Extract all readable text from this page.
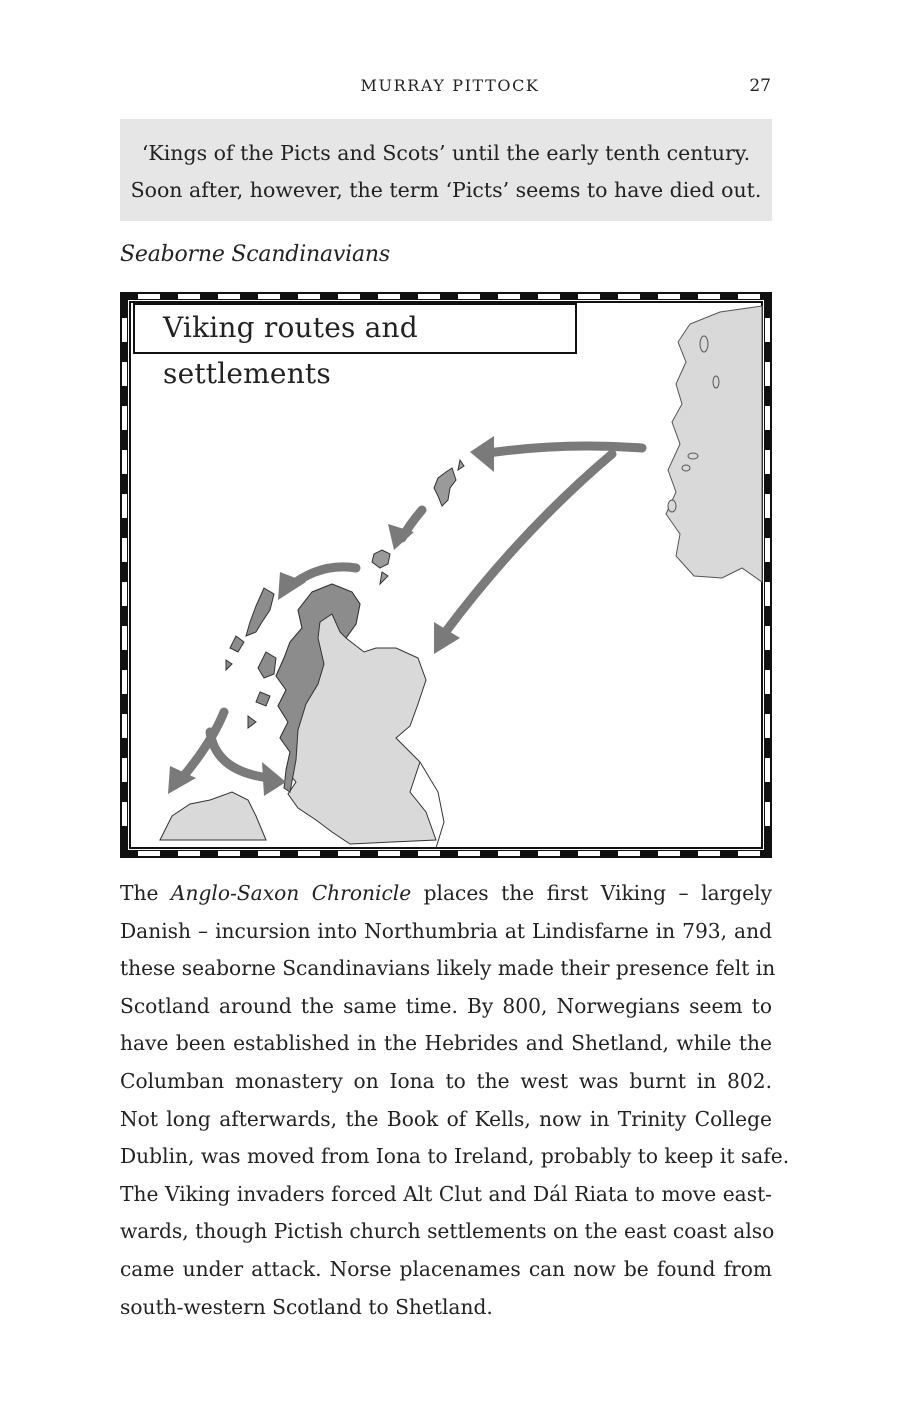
MURRAY PITTOCK	27
‘Kings of the Picts and Scots’ until the early tenth century.
Soon after, however, the term ‘Picts’ seems to have died out.
Seaborne Scandinavians
Viking routes and settlements
The Anglo-Saxon Chronicle places the first Viking – largely
Danish – incursion into Northumbria at Lindisfarne in 793, and
these seaborne Scandinavians likely made their presence felt in
Scotland around the same time. By 800, Norwegians seem to
have been established in the Hebrides and Shetland, while the
Columban monastery on Iona to the west was burnt in 802.
Not long afterwards, the Book of Kells, now in Trinity College
Dublin, was moved from Iona to Ireland, probably to keep it safe.
The Viking invaders forced Alt Clut and Dál Riata to move east-
wards, though Pictish church settlements on the east coast also
came under attack. Norse placenames can now be found from
south-western Scotland to Shetland.
